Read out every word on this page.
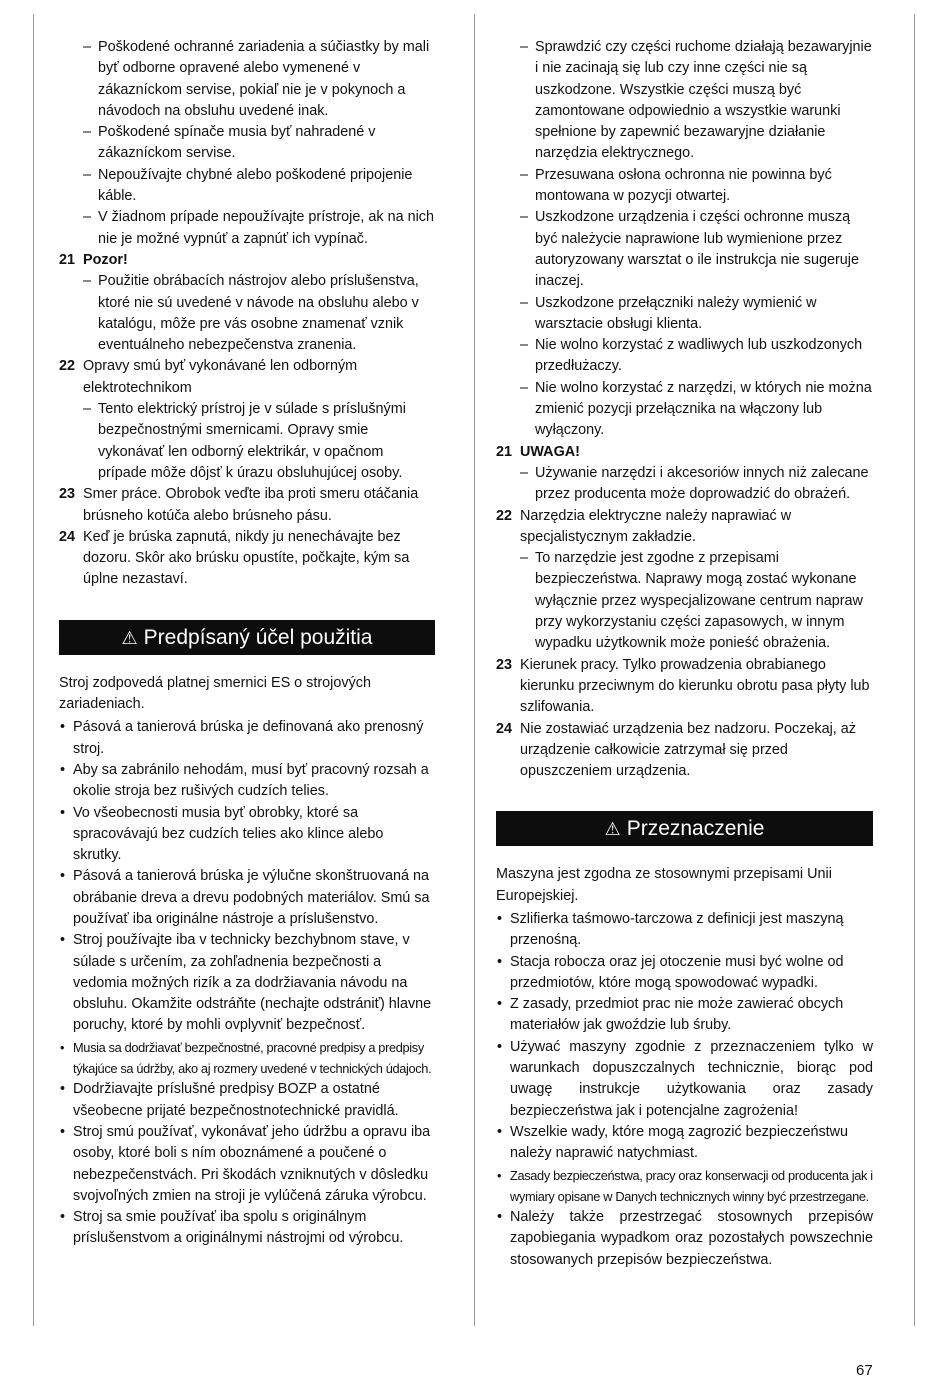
– Poškodené ochranné zariadenia a súčiastky by mali byť odborne opravené alebo vymenené v zákazníckom servise, pokiaľ nie je v pokynoch a návodoch na obsluhu uvedené inak.
– Poškodené spínače musia byť nahradené v zákazníckom servise.
– Nepoužívajte chybné alebo poškodené pripojenie káble.
– V žiadnom prípade nepoužívajte prístroje, ak na nich nie je možné vypnúť a zapnúť ich vypínač.
21 Pozor!
– Použitie obrábacích nástrojov alebo príslušenstva, ktoré nie sú uvedené v návode na obsluhu alebo v katalógu, môže pre vás osobne znamenať vznik eventuálneho nebezpečenstva zranenia.
22 Opravy smú byť vykonávané len odborným elektrotechnikom
– Tento elektrický prístroj je v súlade s príslušnými bezpečnostnými smernicami. Opravy smie vykonávať len odborný elektrikár, v opačnom prípade môže dôjsť k úrazu obsluhujúcej osoby.
23 Smer práce. Obrobok veďte iba proti smeru otáčania brúsneho kotúča alebo brúsneho pásu.
24 Keď je brúska zapnutá, nikdy ju nenechávajte bez dozoru. Skôr ako brúsku opustíte, počkajte, kým sa úplne nezastaví.
⚠ Predpísaný účel použitia
Stroj zodpovedá platnej smernici ES o strojových zariadeniach.
• Pásová a tanierová brúska je definovaná ako prenosný stroj.
• Aby sa zabránilo nehodám, musí byť pracovný rozsah a okolie stroja bez rušivých cudzích telies.
• Vo všeobecnosti musia byť obrobky, ktoré sa spracovávajú bez cudzích telies ako klince alebo skrutky.
• Pásová a tanierová brúska je výlučne skonštruovaná na obrábanie dreva a drevu podobných materiálov. Smú sa používať iba originálne nástroje a príslušenstvo.
• Stroj používajte iba v technicky bezchybnom stave, v súlade s určením, za zohľadnenia bezpečnosti a vedomia možných rizík a za dodržiavania návodu na obsluhu. Okamžite odstráňte (nechajte odstrániť) hlavne poruchy, ktoré by mohli ovplyvniť bezpečnosť.
• Musia sa dodržiavať bezpečnostné, pracovné predpisy a predpisy týkajúce sa údržby, ako aj rozmery uvedené v technických údajoch.
• Dodržiavajte príslušné predpisy BOZP a ostatné všeobecne prijaté bezpečnostnotechnické pravidlá.
• Stroj smú používať, vykonávať jeho údržbu a opravu iba osoby, ktoré boli s ním oboznámené a poučené o nebezpečenstvách. Pri škodách vzniknutých v dôsledku svojvoľných zmien na stroji je vylúčená záruka výrobcu.
• Stroj sa smie používať iba spolu s originálnym príslušenstvom a originálnymi nástrojmi od výrobcu.
– Sprawdzić czy części ruchome działają bezawaryjnie i nie zacinają się lub czy inne części nie są uszkodzone. Wszystkie części muszą być zamontowane odpowiednio a wszystkie warunki spełnione by zapewnić bezawaryjne działanie narzędzia elektrycznego.
– Przesuwana osłona ochronna nie powinna być montowana w pozycji otwartej.
– Uszkodzone urządzenia i części ochronne muszą być należycie naprawione lub wymienione przez autoryzowany warsztat o ile instrukcja nie sugeruje inaczej.
– Uszkodzone przełączniki należy wymienić w warsztacie obsługi klienta.
– Nie wolno korzystać z wadliwych lub uszkodzonych przedłużaczy.
– Nie wolno korzystać z narzędzi, w których nie można zmienić pozycji przełącznika na włączony lub wyłączony.
21 UWAGA!
– Używanie narzędzi i akcesoriów innych niż zalecane przez producenta może doprowadzić do obrażeń.
22 Narzędzia elektryczne należy naprawiać w specjalistycznym zakładzie.
– To narzędzie jest zgodne z przepisami bezpieczeństwa. Naprawy mogą zostać wykonane wyłącznie przez wyspecjalizowane centrum napraw przy wykorzystaniu części zapasowych, w innym wypadku użytkownik może ponieść obrażenia.
23 Kierunek pracy. Tylko prowadzenia obrabianego kierunku przeciwnym do kierunku obrotu pasa płyty lub szlifowania.
24 Nie zostawiać urządzenia bez nadzoru. Poczekaj, aż urządzenie całkowicie zatrzymał się przed opuszczeniem urządzenia.
⚠ Przeznaczenie
Maszyna jest zgodna ze stosownymi przepisami Unii Europejskiej.
• Szlifierka taśmowo-tarczowa z definicji jest maszyną przenośną.
• Stacja robocza oraz jej otoczenie musi być wolne od przedmiotów, które mogą spowodować wypadki.
• Z zasady, przedmiot prac nie może zawierać obcych materiałów jak gwoździe lub śruby.
• Używać maszyny zgodnie z przeznaczeniem tylko w warunkach dopuszczalnych technicznie, biorąc pod uwagę instrukcje użytkowania oraz zasady bezpieczeństwa jak i potencjalne zagrożenia!
• Wszelkie wady, które mogą zagrozić bezpieczeństwu należy naprawić natychmiast.
• Zasady bezpieczeństwa, pracy oraz konserwacji od producenta jak i wymiary opisane w Danych technicznych winny być przestrzegane.
• Należy także przestrzegać stosownych przepisów zapobiegania wypadkom oraz pozostałych powszechnie stosowanych przepisów bezpieczeństwa.
67
